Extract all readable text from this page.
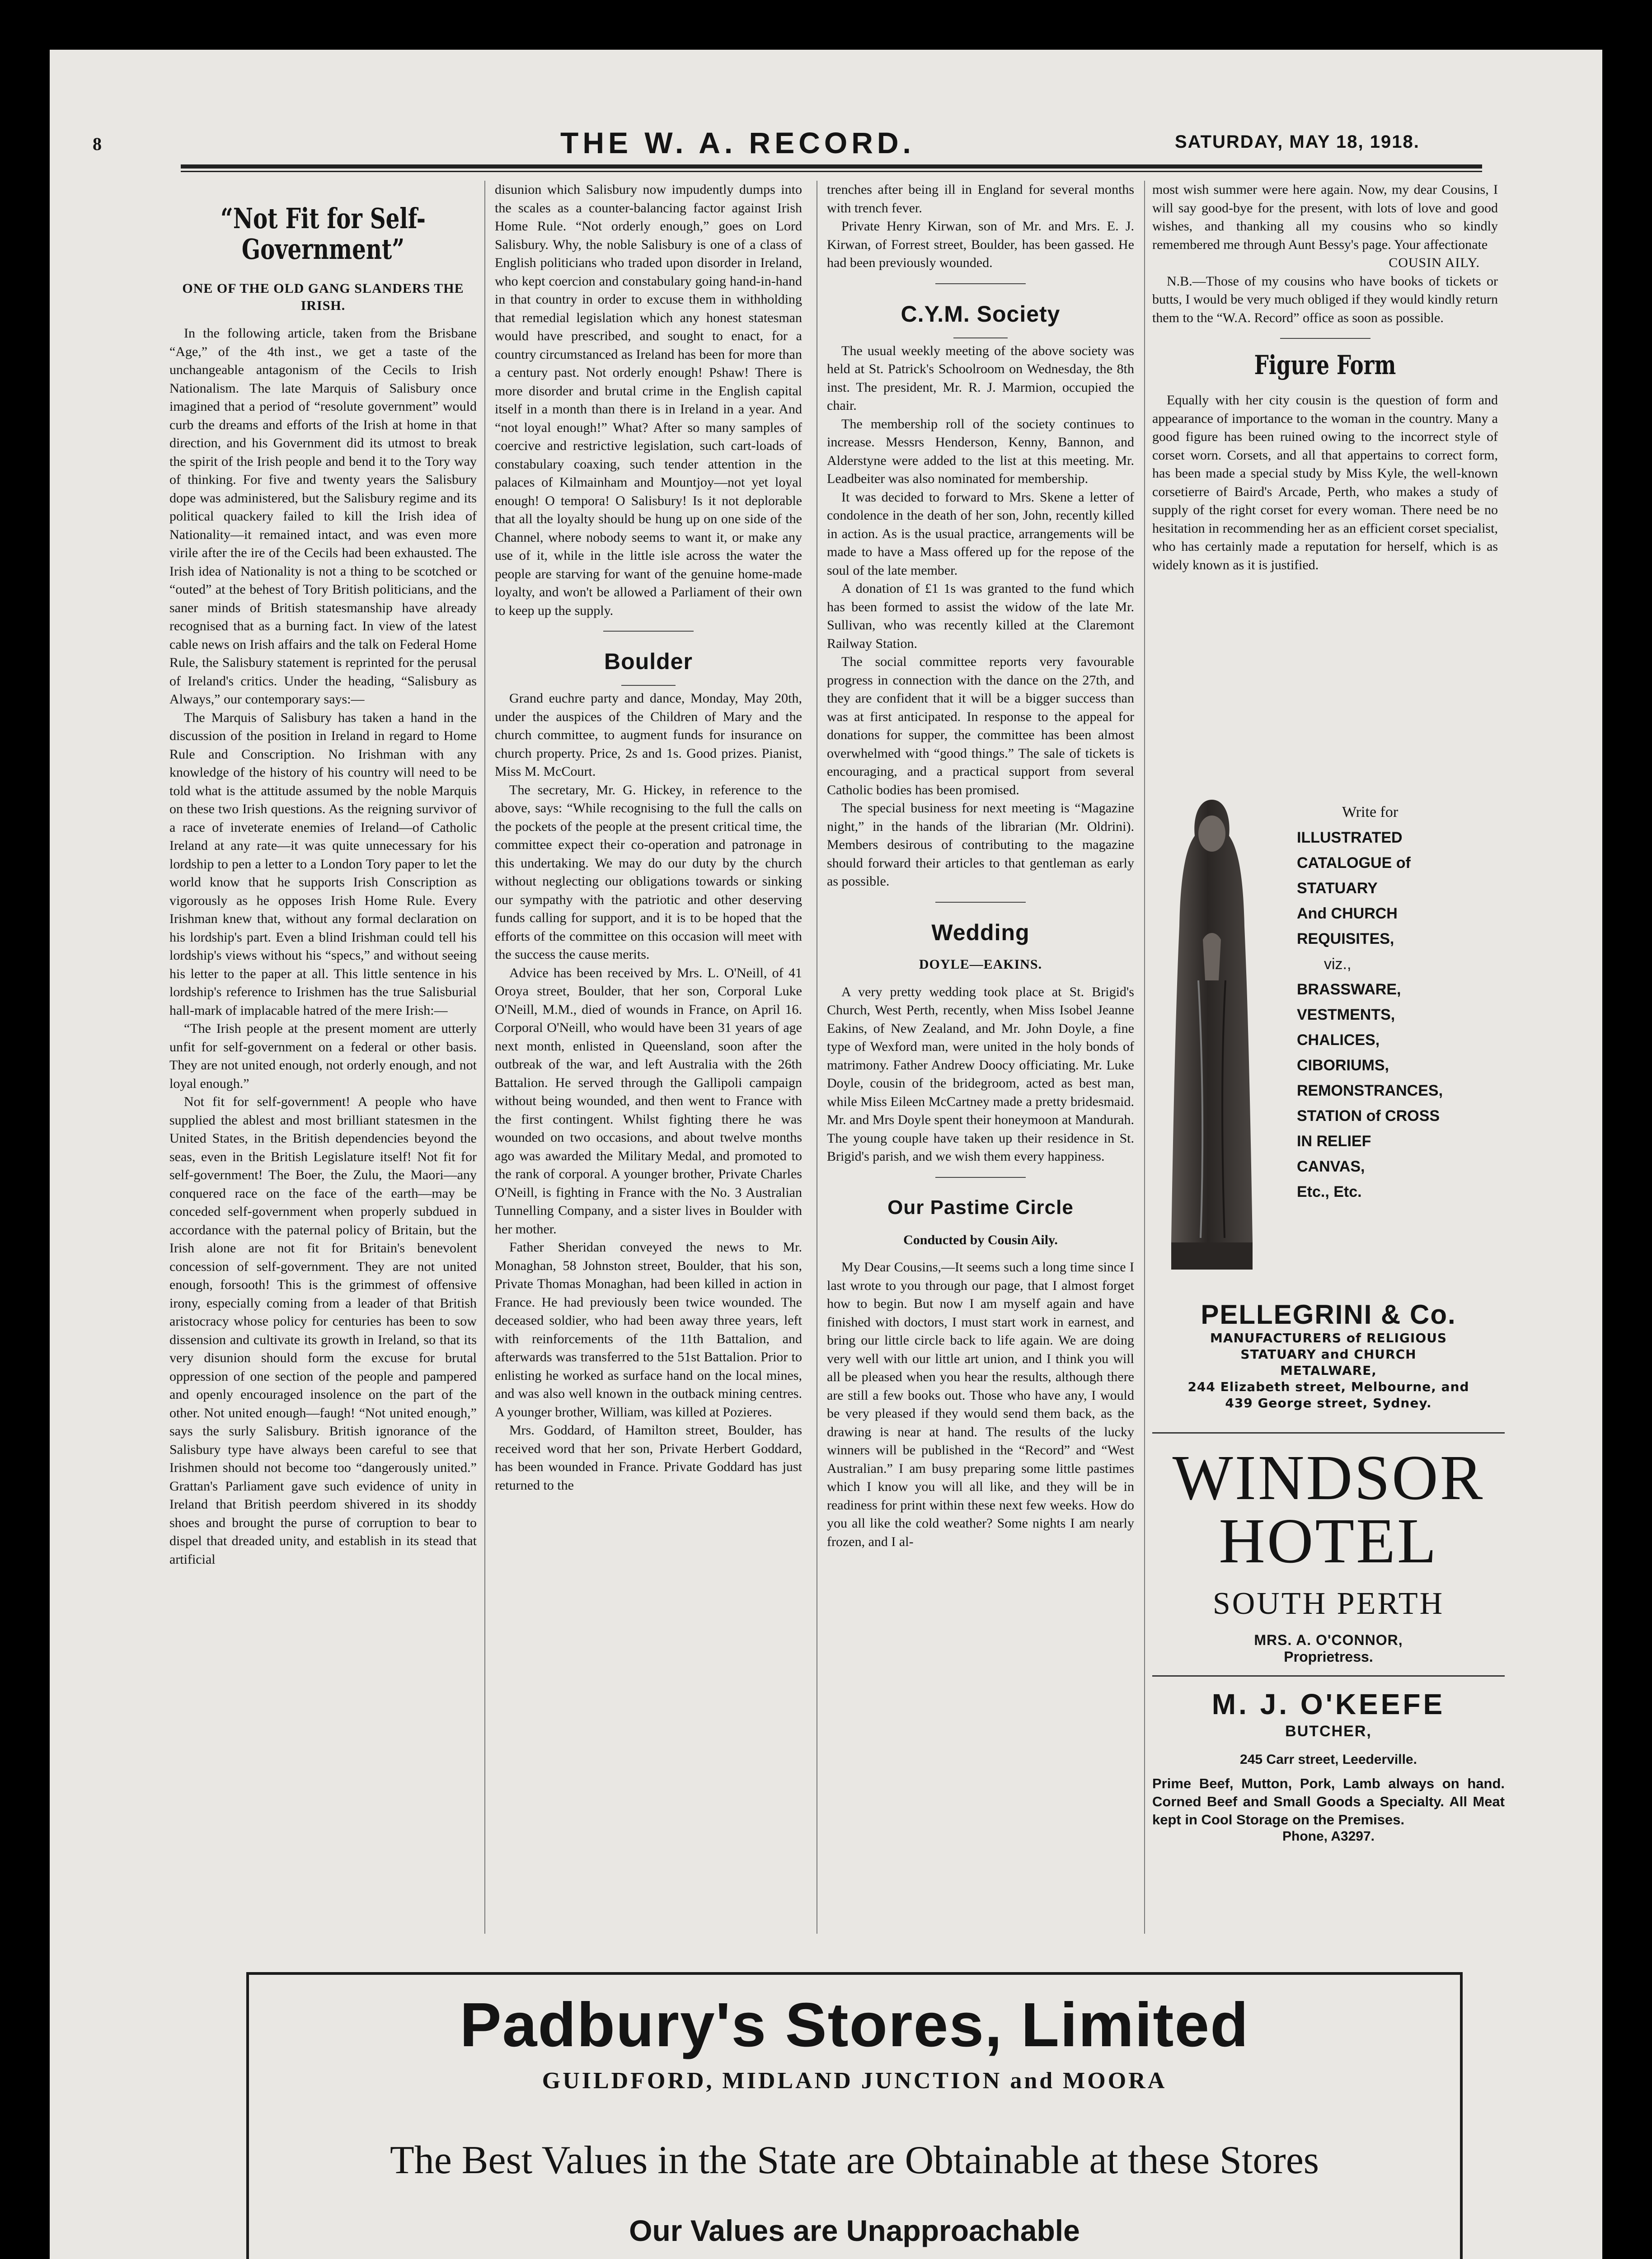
8	THE W. A. RECORD.	SATURDAY, MAY 18, 1918.
“Not Fit for Self-Government”
ONE OF THE OLD GANG SLANDERS THE IRISH.

In the following article, taken from the Brisbane “Age,” of the 4th inst., we get a taste of the unchangeable antagonism of the Cecils to Irish Nationalism. The late Marquis of Salisbury once imagined that a period of “resolute government” would curb the dreams and efforts of the Irish at home in that direction, and his Government did its utmost to break the spirit of the Irish people and bend it to the Tory way of thinking. For five and twenty years the Salisbury dope was administered, but the Salisbury regime and its political quackery failed to kill the Irish idea of Nationality—it remained intact, and was even more virile after the ire of the Cecils had been exhausted. The Irish idea of Nationality is not a thing to be scotched or “outed” at the behest of Tory British politicians, and the saner minds of British statesmanship have already recognised that as a burning fact. In view of the latest cable news on Irish affairs and the talk on Federal Home Rule, the Salisbury statement is reprinted for the perusal of Ireland's critics. Under the heading, “Salisbury as Always,” our contemporary says:—

The Marquis of Salisbury has taken a hand in the discussion of the position in Ireland in regard to Home Rule and Conscription. No Irishman with any knowledge of the history of his country will need to be told what is the attitude assumed by the noble Marquis on these two Irish questions. As the reigning survivor of a race of inveterate enemies of Ireland—of Catholic Ireland at any rate—it was quite unnecessary for his lordship to pen a letter to a London Tory paper to let the world know that he supports Irish Conscription as vigorously as he opposes Irish Home Rule. Every Irishman knew that, without any formal declaration on his lordship's part. Even a blind Irishman could tell his lordship's views without his “specs,” and without seeing his letter to the paper at all. This little sentence in his lordship's reference to Irishmen has the true Salisburial hall-mark of implacable hatred of the mere Irish:—

“The Irish people at the present moment are utterly unfit for self-government on a federal or other basis. They are not united enough, not orderly enough, and not loyal enough.”

Not fit for self-government! A people who have supplied the ablest and most brilliant statesmen in the United States, in the British dependencies beyond the seas, even in the British Legislature itself! Not fit for self-government! The Boer, the Zulu, the Maori—any conquered race on the face of the earth—may be conceded self-government when properly subdued in accordance with the paternal policy of Britain, but the Irish alone are not fit for Britain's benevolent concession of self-government. They are not united enough, forsooth! This is the grimmest of offensive irony, especially coming from a leader of that British aristocracy whose policy for centuries has been to sow dissension and cultivate its growth in Ireland, so that its very disunion should form the excuse for brutal oppression of one section of the people and pampered and openly encouraged insolence on the part of the other. Not united enough—faugh! “Not united enough,” says the surly Salisbury. British ignorance of the Salisbury type have always been careful to see that Irishmen should not become too “dangerously united.” Grattan's Parliament gave such evidence of unity in Ireland that British peerdom shivered in its shoddy shoes and brought the purse of corruption to bear to dispel that dreaded unity, and establish in its stead that artificial

disunion which Salisbury now impudently dumps into the scales as a counter-balancing factor against Irish Home Rule. “Not orderly enough,” goes on Lord Salisbury. Why, the noble Salisbury is one of a class of English politicians who traded upon disorder in Ireland, who kept coercion and constabulary going hand-in-hand in that country in order to excuse them in withholding that remedial legislation which any honest statesman would have prescribed, and sought to enact, for a country circumstanced as Ireland has been for more than a century past. Not orderly enough! Pshaw! There is more disorder and brutal crime in the English capital itself in a month than there is in Ireland in a year. And “not loyal enough!” What? After so many samples of coercive and restrictive legislation, such cart-loads of constabulary coaxing, such tender attention in the palaces of Kilmainham and Mountjoy—not yet loyal enough! O tempora! O Salisbury! Is it not deplorable that all the loyalty should be hung up on one side of the Channel, where nobody seems to want it, or make any use of it, while in the little isle across the water the people are starving for want of the genuine home-made loyalty, and won't be allowed a Parliament of their own to keep up the supply.

Boulder

Grand euchre party and dance, Monday, May 20th, under the auspices of the Children of Mary and the church committee, to augment funds for insurance on church property. Price, 2s and 1s. Good prizes. Pianist, Miss M. McCourt.

The secretary, Mr. G. Hickey, in reference to the above, says: “While recognising to the full the calls on the pockets of the people at the present critical time, the committee expect their co-operation and patronage in this undertaking. We may do our duty by the church without neglecting our obligations towards or sinking our sympathy with the patriotic and other deserving funds calling for support, and it is to be hoped that the efforts of the committee on this occasion will meet with the success the cause merits.

Advice has been received by Mrs. L. O'Neill, of 41 Oroya street, Boulder, that her son, Corporal Luke O'Neill, M.M., died of wounds in France, on April 16. Corporal O'Neill, who would have been 31 years of age next month, enlisted in Queensland, soon after the outbreak of the war, and left Australia with the 26th Battalion. He served through the Gallipoli campaign without being wounded, and then went to France with the first contingent. Whilst fighting there he was wounded on two occasions, and about twelve months ago was awarded the Military Medal, and promoted to the rank of corporal. A younger brother, Private Charles O'Neill, is fighting in France with the No. 3 Australian Tunnelling Company, and a sister lives in Boulder with her mother.

Father Sheridan conveyed the news to Mr. Monaghan, 58 Johnston street, Boulder, that his son, Private Thomas Monaghan, had been killed in action in France. He had previously been twice wounded. The deceased soldier, who had been away three years, left with reinforcements of the 11th Battalion, and afterwards was transferred to the 51st Battalion. Prior to enlisting he worked as surface hand on the local mines, and was also well known in the outback mining centres. A younger brother, William, was killed at Pozieres.

Mrs. Goddard, of Hamilton street, Boulder, has received word that her son, Private Herbert Goddard, has been wounded in France. Private Goddard has just returned to the

trenches after being ill in England for several months with trench fever.

Private Henry Kirwan, son of Mr. and Mrs. E. J. Kirwan, of Forrest street, Boulder, has been gassed. He had been previously wounded.

C.Y.M. Society

The usual weekly meeting of the above society was held at St. Patrick's Schoolroom on Wednesday, the 8th inst. The president, Mr. R. J. Marmion, occupied the chair.

The membership roll of the society continues to increase. Messrs Henderson, Kenny, Bannon, and Alderstyne were added to the list at this meeting. Mr. Leadbeiter was also nominated for membership.

It was decided to forward to Mrs. Skene a letter of condolence in the death of her son, John, recently killed in action. As is the usual practice, arrangements will be made to have a Mass offered up for the repose of the soul of the late member.

A donation of £1 1s was granted to the fund which has been formed to assist the widow of the late Mr. Sullivan, who was recently killed at the Claremont Railway Station.

The social committee reports very favourable progress in connection with the dance on the 27th, and they are confident that it will be a bigger success than was at first anticipated. In response to the appeal for donations for supper, the committee has been almost overwhelmed with “good things.” The sale of tickets is encouraging, and a practical support from several Catholic bodies has been promised.

The special business for next meeting is “Magazine night,” in the hands of the librarian (Mr. Oldrini). Members desirous of contributing to the magazine should forward their articles to that gentleman as early as possible.

Wedding
DOYLE—EAKINS.

A very pretty wedding took place at St. Brigid's Church, West Perth, recently, when Miss Isobel Jeanne Eakins, of New Zealand, and Mr. John Doyle, a fine type of Wexford man, were united in the holy bonds of matrimony. Father Andrew Doocy officiating. Mr. Luke Doyle, cousin of the bridegroom, acted as best man, while Miss Eileen McCartney made a pretty bridesmaid. Mr. and Mrs Doyle spent their honeymoon at Mandurah. The young couple have taken up their residence in St. Brigid's parish, and we wish them every happiness.

Our Pastime Circle
Conducted by Cousin Aily.

My Dear Cousins,—It seems such a long time since I last wrote to you through our page, that I almost forget how to begin. But now I am myself again and have finished with doctors, I must start work in earnest, and bring our little circle back to life again. We are doing very well with our little art union, and I think you will all be pleased when you hear the results, although there are still a few books out. Those who have any, I would be very pleased if they would send them back, as the drawing is near at hand. The results of the lucky winners will be published in the “Record” and “West Australian.” I am busy preparing some little pastimes which I know you will all like, and they will be in readiness for print within these next few weeks. How do you all like the cold weather? Some nights I am nearly frozen, and I al-

most wish summer were here again. Now, my dear Cousins, I will say good-bye for the present, with lots of love and good wishes, and thanking all my cousins who so kindly remembered me through Aunt Bessy's page. Your affectionate

COUSIN AILY.

N.B.—Those of my cousins who have books of tickets or butts, I would be very much obliged if they would kindly return them to the “W.A. Record” office as soon as possible.

Figure Form

Equally with her city cousin is the question of form and appearance of importance to the woman in the country. Many a good figure has been ruined owing to the incorrect style of corset worn. Corsets, and all that appertains to correct form, has been made a special study by Miss Kyle, the well-known corsetierre of Baird's Arcade, Perth, who makes a study of supply of the right corset for every woman. There need be no hesitation in recommending her as an efficient corset specialist, who has certainly made a reputation for herself, which is as widely known as it is justified.

Write for
ILLUSTRATED
CATALOGUE of
STATUARY
And CHURCH
REQUISITES,
viz.,
BRASSWARE,
VESTMENTS,
CHALICES,
CIBORIUMS,
REMONSTRANCES,
STATION of CROSS
IN RELIEF
CANVAS,
Etc., Etc.
PELLEGRINI & Co.
MANUFACTURERS of RELIGIOUS
STATUARY and CHURCH
METALWARE,
244 Elizabeth street, Melbourne, and
439 George street, Sydney.
WINDSOR
HOTEL
SOUTH PERTH
MRS. A. O'CONNOR,
Proprietress.
M. J. O'KEEFE
BUTCHER,
245 Carr street, Leederville.
Prime Beef, Mutton, Pork, Lamb always on hand. Corned Beef and Small Goods a Specialty. All Meat kept in Cool Storage on the Premises.
Phone, A3297.
Padbury's Stores, Limited
GUILDFORD, MIDLAND JUNCTION and MOORA
The Best Values in the State are Obtainable at these Stores
Our Values are Unapproachable
